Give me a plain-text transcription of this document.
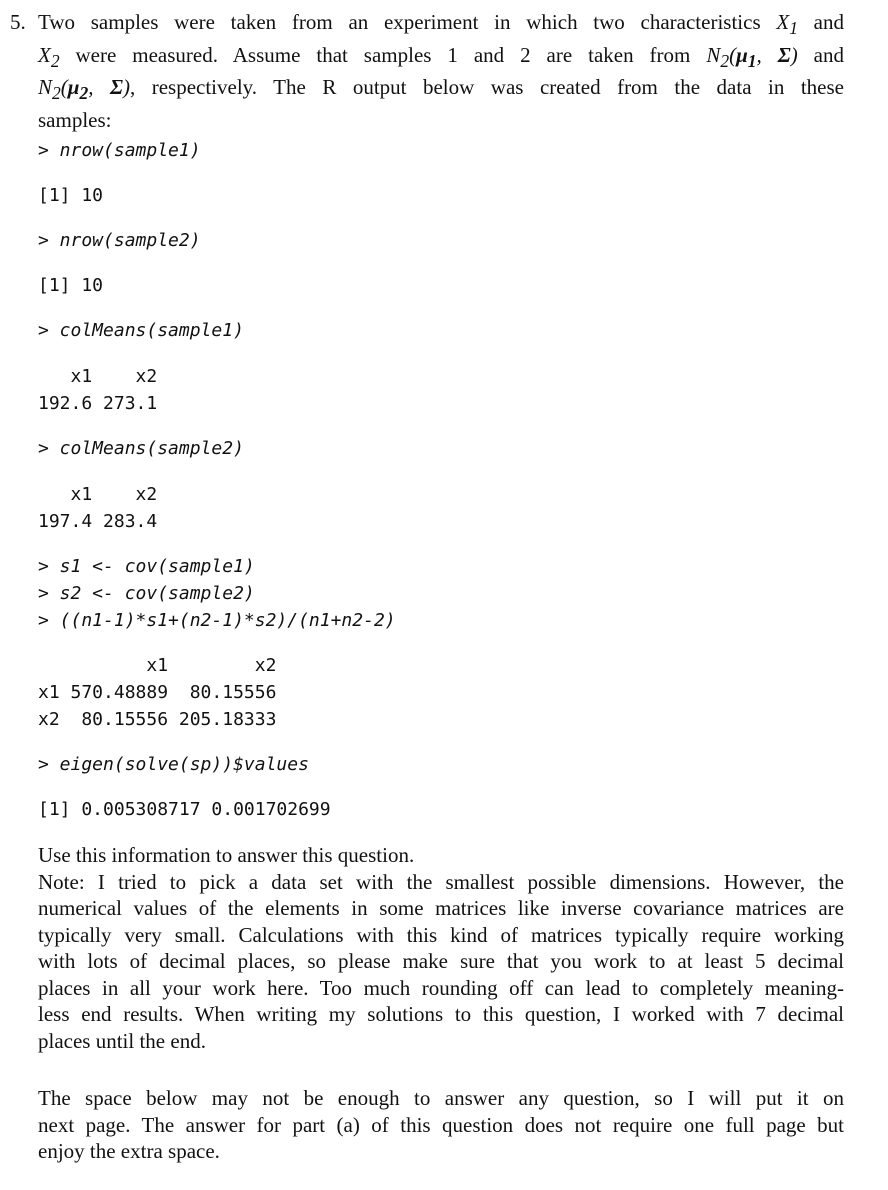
5. Two samples were taken from an experiment in which two characteristics $X_1$ and
$X_2$ were measured. Assume that samples 1 and 2 are taken from $N_2(\mu_1$, Σ) and
$N_2(\mu_2$, Σ), respectively. The R output below was created from the data in these
samples:
> nrow(sample1)
[1] 10
> nrow(sample2)
[1] 10
> colMeans(sample1)
x1    x2
192.6 273.1
> colMeans(sample2)
x1    x2
197.4 283.4
> s1 <- cov(sample1)
> s2 <- cov(sample2)
> ((n1-1)*s1+(n2-1)*s2)/(n1+n2-2)
x1        x2
x1 570.48889  80.15556
x2  80.15556 205.18333
> eigen(solve(sp))$values
[1] 0.005308717 0.001702699
Use this information to answer this question.
Note: I tried to pick a data set with the smallest possible dimensions. However, the
numerical values of the elements in some matrices like inverse covariance matrices are
typically very small. Calculations with this kind of matrices typically require working
with lots of decimal places, so please make sure that you work to at least 5 decimal
places in all your work here. Too much rounding off can lead to completely meaning-
less end results. When writing my solutions to this question, I worked with 7 decimal
places until the end.
The space below may not be enough to answer any question, so I will put it on
next page. The answer for part (a) of this question does not require one full page but
enjoy the extra space.
